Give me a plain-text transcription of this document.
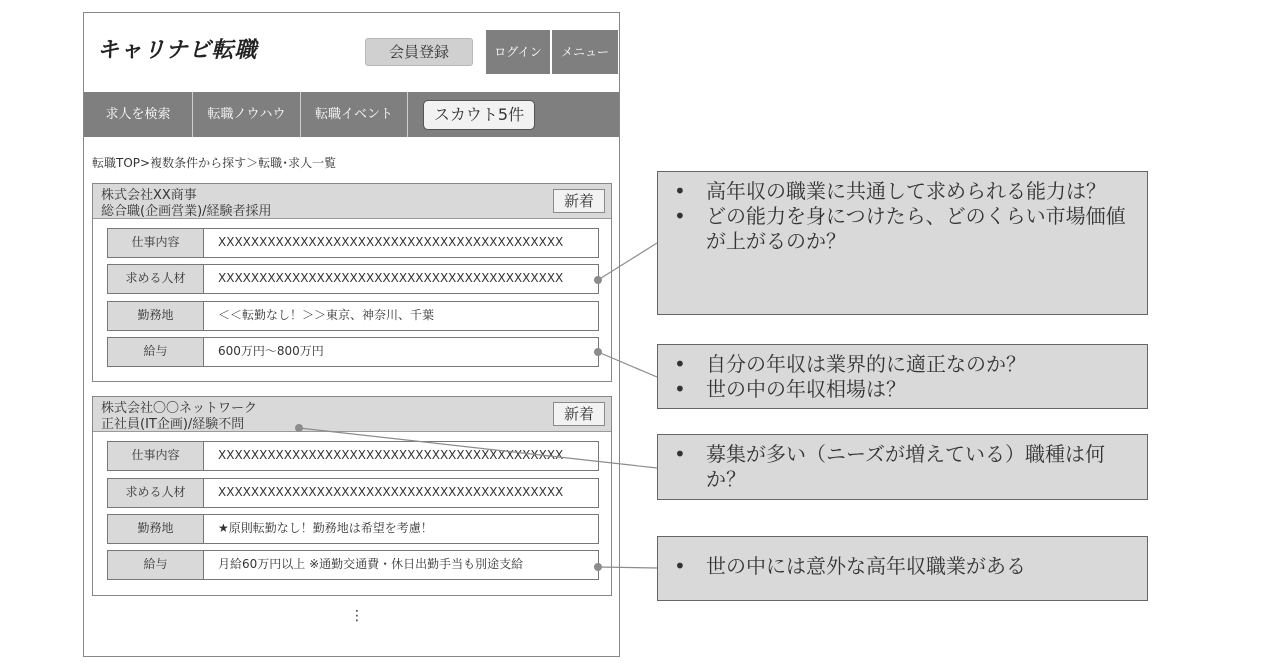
キャリナビ転職	会員登録	ログイン	メニュー
求人を検索	転職ノウハウ	転職イベント	スカウト5件
転職TOP>複数条件から探す＞転職･求人一覧
株式会社XX商事
総合職(企画営業)/経験者採用
新着
仕事内容	XXXXXXXXXXXXXXXXXXXXXXXXXXXXXXXXXXXXXXXXXX
求める人材	XXXXXXXXXXXXXXXXXXXXXXXXXXXXXXXXXXXXXXXXXX
勤務地	＜＜転勤なし！＞＞東京、神奈川、千葉
給与	600万円～800万円
株式会社〇〇ネットワーク
正社員(IT企画)/経験不問
新着
仕事内容	XXXXXXXXXXXXXXXXXXXXXXXXXXXXXXXXXXXXXXXXXX
求める人材	XXXXXXXXXXXXXXXXXXXXXXXXXXXXXXXXXXXXXXXXXX
勤務地	★原則転勤なし！勤務地は希望を考慮！
給与	月給60万円以上 ※通勤交通費・休日出勤手当も別途支給
⋮
• 高年収の職業に共通して求められる能力は？
• どの能力を身につけたら、どのくらい市場価値が上がるのか？
• 自分の年収は業界的に適正なのか？
• 世の中の年収相場は？
• 募集が多い（ニーズが増えている）職種は何か？
• 世の中には意外な高年収職業がある
